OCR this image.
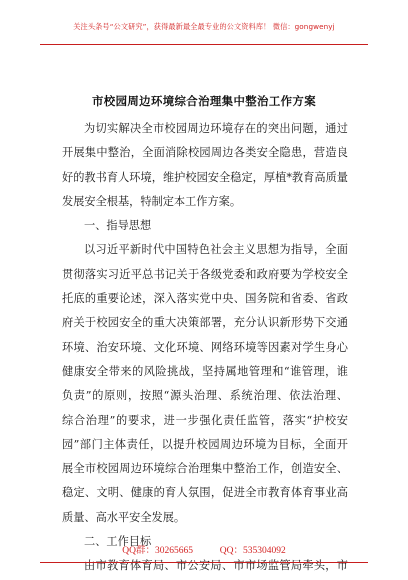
关注头条号“公文研究”，获得最新最全最专业的公文资料库！ 微信：gongwenyj
市校园周边环境综合治理集中整治工作方案
为切实解决全市校园周边环境存在的突出问题，通过
开展集中整治，全面消除校园周边各类安全隐患，营造良
好的教书育人环境，维护校园安全稳定，厚植*教育高质量
发展安全根基，特制定本工作方案。
一、指导思想
以习近平新时代中国特色社会主义思想为指导，全面
贯彻落实习近平总书记关于各级党委和政府要为学校安全
托底的重要论述，深入落实党中央、国务院和省委、省政
府关于校园安全的重大决策部署，充分认识新形势下交通
环境、治安环境、文化环境、网络环境等因素对学生身心
健康安全带来的风险挑战，坚持属地管理和“谁管理，谁
负责”的原则，按照“源头治理、系统治理、依法治理、
综合治理”的要求，进一步强化责任监管，落实“护校安
园”部门主体责任，以提升校园周边环境为目标，全面开
展全市校园周边环境综合治理集中整治工作，创造安全、
稳定、文明、健康的育人氛围，促进全市教育体育事业高
质量、高水平安全发展。
二、工作目标
由市教育体育局、市公安局、市市场监管局牵头，市
QQ群：30265665	QQ：535304092
